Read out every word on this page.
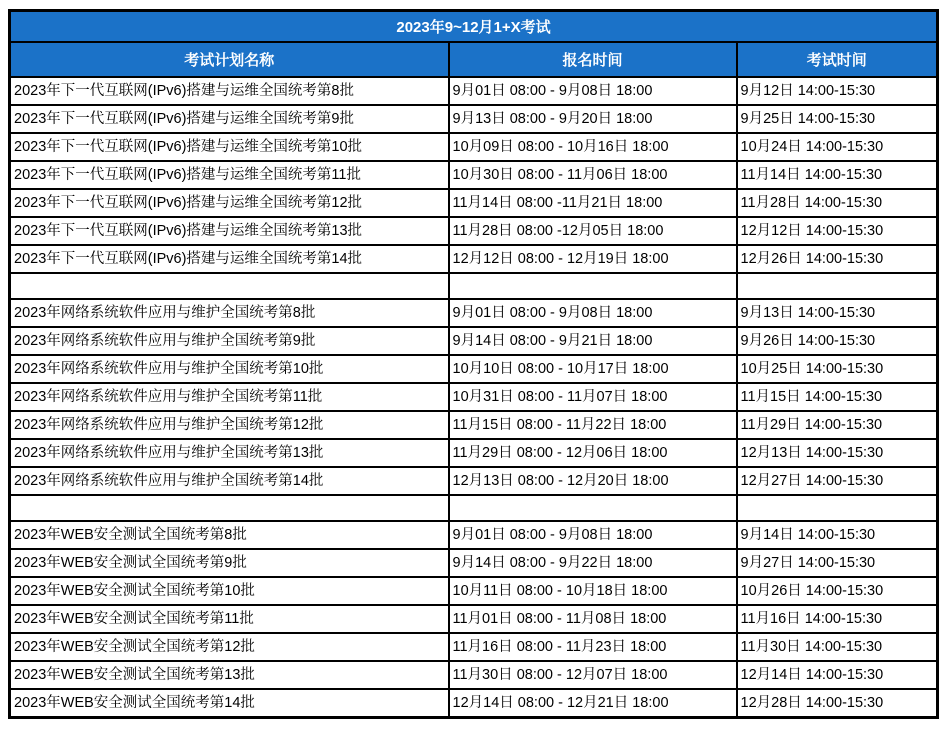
2023年9~12月1+X考试		
考试计划名称	报名时间	考试时间
2023年下一代互联网(IPv6)搭建与运维全国统考第8批	9月01日 08:00 - 9月08日 18:00	9月12日 14:00-15:30
2023年下一代互联网(IPv6)搭建与运维全国统考第9批	9月13日 08:00 - 9月20日 18:00	9月25日 14:00-15:30
2023年下一代互联网(IPv6)搭建与运维全国统考第10批	10月09日 08:00 - 10月16日 18:00	10月24日 14:00-15:30
2023年下一代互联网(IPv6)搭建与运维全国统考第11批	10月30日 08:00 - 11月06日 18:00	11月14日 14:00-15:30
2023年下一代互联网(IPv6)搭建与运维全国统考第12批	11月14日 08:00 -11月21日 18:00	11月28日 14:00-15:30
2023年下一代互联网(IPv6)搭建与运维全国统考第13批	11月28日 08:00 -12月05日 18:00	12月12日 14:00-15:30
2023年下一代互联网(IPv6)搭建与运维全国统考第14批	12月12日 08:00 - 12月19日 18:00	12月26日 14:00-15:30

2023年网络系统软件应用与维护全国统考第8批	9月01日 08:00 - 9月08日 18:00	9月13日 14:00-15:30
2023年网络系统软件应用与维护全国统考第9批	9月14日 08:00 - 9月21日 18:00	9月26日 14:00-15:30
2023年网络系统软件应用与维护全国统考第10批	10月10日 08:00 - 10月17日 18:00	10月25日 14:00-15:30
2023年网络系统软件应用与维护全国统考第11批	10月31日 08:00 - 11月07日 18:00	11月15日 14:00-15:30
2023年网络系统软件应用与维护全国统考第12批	11月15日 08:00 - 11月22日 18:00	11月29日 14:00-15:30
2023年网络系统软件应用与维护全国统考第13批	11月29日 08:00 - 12月06日 18:00	12月13日 14:00-15:30
2023年网络系统软件应用与维护全国统考第14批	12月13日 08:00 - 12月20日 18:00	12月27日 14:00-15:30

2023年WEB安全测试全国统考第8批	9月01日 08:00 - 9月08日 18:00	9月14日 14:00-15:30
2023年WEB安全测试全国统考第9批	9月14日 08:00 - 9月22日 18:00	9月27日 14:00-15:30
2023年WEB安全测试全国统考第10批	10月11日 08:00 - 10月18日 18:00	10月26日 14:00-15:30
2023年WEB安全测试全国统考第11批	11月01日 08:00 - 11月08日 18:00	11月16日 14:00-15:30
2023年WEB安全测试全国统考第12批	11月16日 08:00 - 11月23日 18:00	11月30日 14:00-15:30
2023年WEB安全测试全国统考第13批	11月30日 08:00 - 12月07日 18:00	12月14日 14:00-15:30
2023年WEB安全测试全国统考第14批	12月14日 08:00 - 12月21日 18:00	12月28日 14:00-15:30
